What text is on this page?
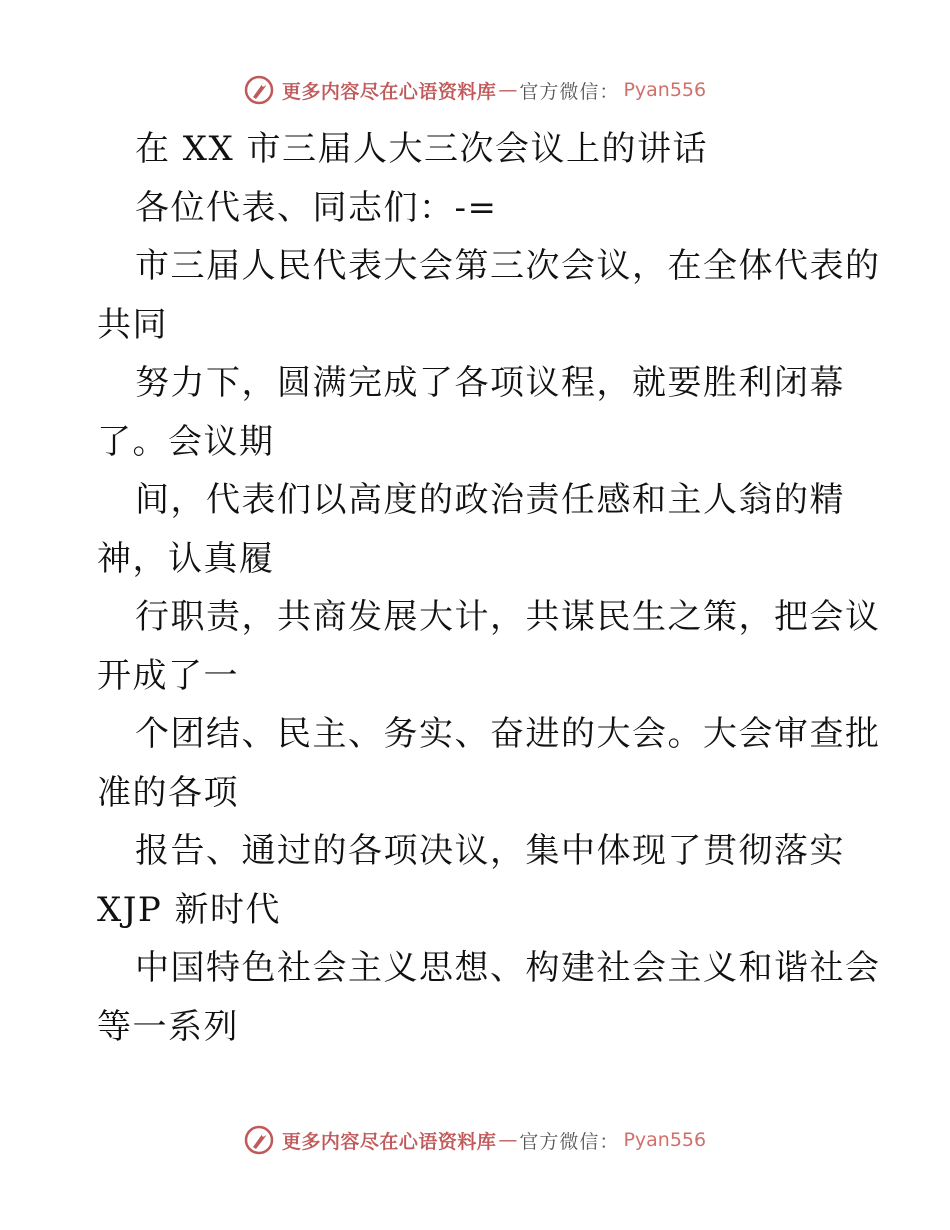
更多内容尽在心语资料库 — 官方微信： Pyan556
在 XX 市三届人大三次会议上的讲话
各位代表、同志们：-=
市三届人民代表大会第三次会议，在全体代表的
共同
努力下，圆满完成了各项议程，就要胜利闭幕
了。会议期
间，代表们以高度的政治责任感和主人翁的精
神，认真履
行职责，共商发展大计，共谋民生之策，把会议
开成了一
个团结、民主、务实、奋进的大会。大会审查批
准的各项
报告、通过的各项决议，集中体现了贯彻落实
XJP 新时代
中国特色社会主义思想、构建社会主义和谐社会
等一系列
更多内容尽在心语资料库 — 官方微信： Pyan556
